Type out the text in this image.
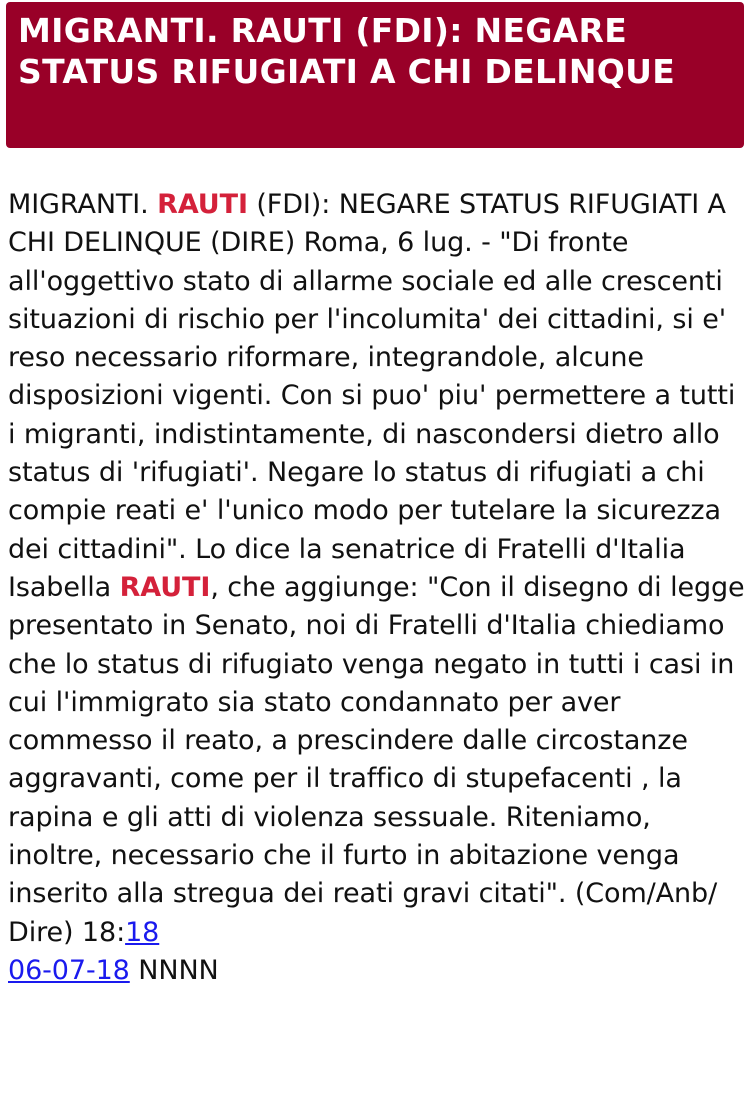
MIGRANTI. RAUTI (FDI): NEGARE STATUS RIFUGIATI A CHI DELINQUE

MIGRANTI. RAUTI (FDI): NEGARE STATUS RIFUGIATI A CHI DELINQUE (DIRE) Roma, 6 lug. - "Di fronte all'oggettivo stato di allarme sociale ed alle crescenti situazioni di rischio per l'incolumita' dei cittadini, si e' reso necessario riformare, integrandole, alcune disposizioni vigenti. Con si puo' piu' permettere a tutti i migranti, indistintamente, di nascondersi dietro allo status di 'rifugiati'. Negare lo status di rifugiati a chi compie reati e' l'unico modo per tutelare la sicurezza dei cittadini". Lo dice la senatrice di Fratelli d'Italia Isabella RAUTI, che aggiunge: "Con il disegno di legge presentato in Senato, noi di Fratelli d'Italia chiediamo che lo status di rifugiato venga negato in tutti i casi in cui l'immigrato sia stato condannato per aver commesso il reato, a prescindere dalle circostanze aggravanti, come per il traffico di stupefacenti , la rapina e gli atti di violenza sessuale. Riteniamo, inoltre, necessario che il furto in abitazione venga inserito alla stregua dei reati gravi citati". (Com/Anb/ Dire) 18:18
06-07-18 NNNN
